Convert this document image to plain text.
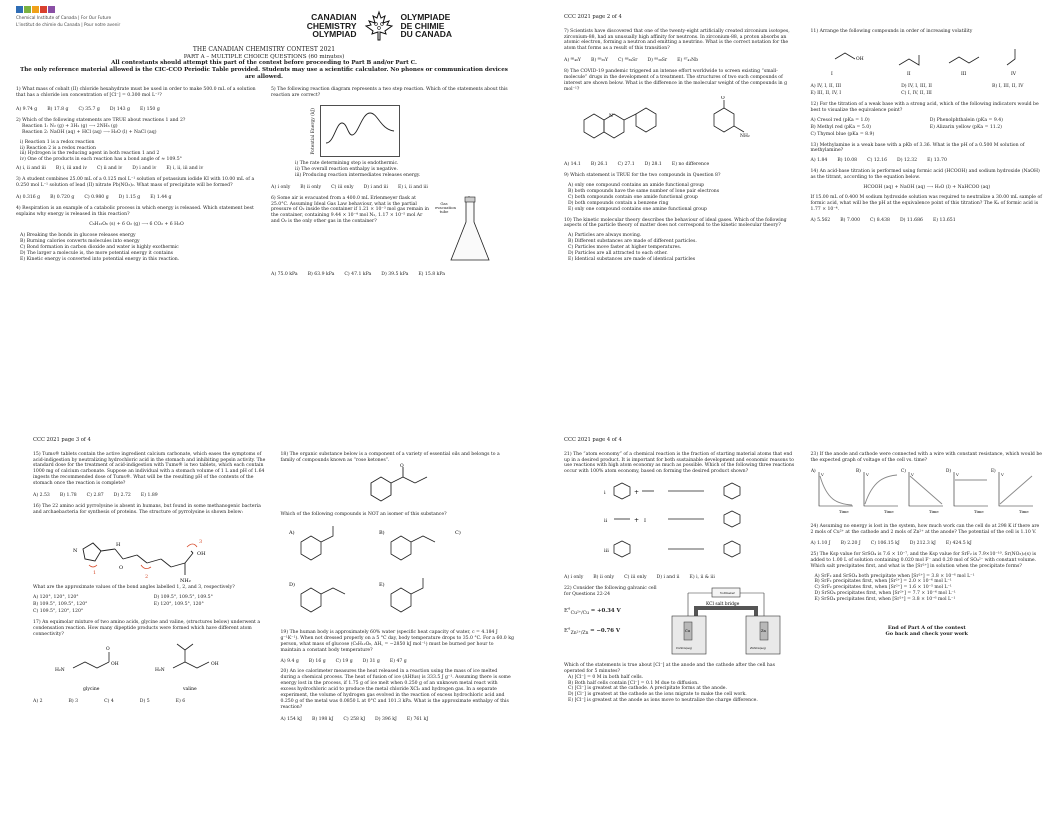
Chemical Institute of Canada | For Our Future
L'institut de chimie du Canada | Pour notre avenir
CANADIAN
CHEMISTRY
OLYMPIAD
OLYMPIADE
DE CHIMIE
DU CANADA
THE CANADIAN CHEMISTRY CONTEST 2021
PART A – MULTIPLE CHOICE QUESTIONS (60 minutes)
All contestants should attempt this part of the contest before proceeding to Part B and/or Part C.
The only reference material allowed is the CIC-CCO Periodic Table provided. Students may use a scientific calculator. No phones or communication devices are allowed.
1) What mass of cobalt (II) chloride hexahydrate must be used in order to make 500.0 mL of a solution that has a chloride ion concentration of [Cl⁻] = 0.300 mol L⁻¹?
A) 9.74 g B) 17.8 g C) 35.7 g D) 143 g E) 150 g
2) Which of the following statements are TRUE about reactions 1 and 2?
Reaction 1: N₂ (g) + 3H₂ (g) ⟶ 2NH₃ (g)
Reaction 2: NaOH (aq) + HCl (aq) ⟶ H₂O (l) + NaCl (aq)
i) Reaction 1 is a redox reaction
ii) Reaction 2 is a redox reaction
iii) Hydrogen is the reducing agent in both reaction 1 and 2
iv) One of the products in each reaction has a bond angle of ≈ 109.5°
A) i, ii and iii B) i, iii and iv C) ii and iv D) i and iv E) i, ii, iii and iv
3) A student combines 25.00 mL of a 0.125 mol L⁻¹ solution of potassium iodide KI with 10.00 mL of a 0.250 mol L⁻¹ solution of lead (II) nitrate Pb(NO₃)₂. What mass of precipitate will be formed?
A) 0.316 g B) 0.720 g C) 0.980 g D) 1.15 g E) 1.44 g
4) Respiration is an example of a catabolic process in which energy is released. Which statement best explains why energy is released in this reaction?
C₆H₁₂O₆ (s) + 6 O₂ (g) ⟶ 6 CO₂ + 6 H₂O
A) Breaking the bonds in glucose releases energy
B) Burning calories converts molecules into energy
C) Bond formation in carbon dioxide and water is highly exothermic
D) The larger a molecule is, the more potential energy it contains
E) Kinetic energy is converted into potential energy in this reaction.
5) The following reaction diagram represents a two step reaction. Which of the statements about this reaction are correct?
Potential Energy (kJ)
i) The rate determining step is endothermic.
ii) The overall reaction enthalpy is negative.
iii) Producing reaction intermediates releases energy.
A) i only B) ii only C) iii only D) i and iii E) i, ii and iii
6) Some air is evacuated from a 400.0 mL Erlenmeyer flask at 25.0°C. Assuming Ideal Gas Law behaviour, what is the partial pressure of O₂ inside the container if 1.21 × 10⁻³ mol gas remain in the container, containing 9.44 × 10⁻⁴ mol N₂, 1.17 × 10⁻⁵ mol Ar and O₂ is the only other gas in the container?
Gas evacuation tube
A) 75.0 kPa B) 63.9 kPa C) 47.1 kPa D) 39.5 kPa E) 15.8 kPa
CCC 2021 page 2 of 4
7) Scientists have discovered that one of the twenty-eight artificially created zirconium isotopes, zirconium-88, had an unusually high affinity for neutrons. In zirconium-88, a proton absorbs an atomic electron, forming a neutron and emitting a neutrino. What is the correct notation for the atom that forms as a result of this transition?
A) ⁸⁸₄₀Y B) ⁸⁹₃₉Y C) ⁸⁸₃₉Sr D) ⁸⁸₃₈Sr E) ⁸⁷₄₁Nb
8) The COVID-19 pandemic triggered an intense effort worldwide to screen existing “small-molecule” drugs in the development of a treatment. The structures of two such compounds of interest are shown below. What is the difference in the molecular weight of the compounds in g mol⁻¹?
N
NH₂
O
A) 14.1 B) 26.1 C) 27.1 D) 28.1 E) no difference
9) Which statement is TRUE for the two compounds in Question 8?
A) only one compound contains an amide functional group
B) both compounds have the same number of lone pair electrons
C) both compounds contain one amide functional group
D) both compounds contain a benzene ring
E) only one compound contains one amine functional group
10) The kinetic molecular theory describes the behaviour of ideal gases. Which of the following aspects of the particle theory of matter does not correspond to the kinetic molecular theory?
A) Particles are always moving.
B) Different substances are made of different particles.
C) Particles move faster at higher temperatures.
D) Particles are all attracted to each other.
E) Identical substances are made of identical particles
11) Arrange the following compounds in order of increasing volatility
OH
I	II	III	IV
A) IV, I, II, III	D) IV, I, III, II	B) I, III, II, IV
E) III, II, IV, I	C) I, IV, II, III
12) For the titration of a weak base with a strong acid, which of the following indicators would be best to visualize the equivalence point?
A) Cresol red (pKa = 1.0)	D) Phenolphthalein (pKa = 9.4)
B) Methyl red (pKa = 5.0)	E) Alizarin yellow (pKa = 11.2)
C) Thymol blue (pKa = 8.9)
13) Methylamine is a weak base with a pKb of 3.36. What is the pH of a 0.500 M solution of methylamine?
A) 1.84 B) 10.08 C) 12.16 D) 12.32 E) 13.70
14) An acid-base titration is performed using formic acid (HCOOH) and sodium hydroxide (NaOH) as the titrant, according to the equation below.
HCOOH (aq) + NaOH (aq) ⟶ H₂O (l) + NaHCOO (aq)
If 15.00 mL of 0.400 M sodium hydroxide solution was required to neutralize a 30.00 mL sample of formic acid, what will be the pH at the equivalence point of this titration? The Kₐ of formic acid is 1.77 × 10⁻⁴.
A) 5.562 B) 7.000 C) 8.438 D) 11.686 E) 13.651
CCC 2021 page 3 of 4
15) Tums® tablets contain the active ingredient calcium carbonate, which eases the symptoms of acid-indigestion by neutralizing hydrochloric acid in the stomach and inhibiting pepsin activity. The standard dose for the treatment of acid-indigestion with Tums® is two tablets, which each contain 1000 mg of calcium carbonate. Suppose an individual with a stomach volume of 1 L and pH of 1.64 ingests the recommended dose of Tums®. What will be the resulting pH of the contents of the stomach once the reaction is complete?
A) 2.53 B) 1.78 C) 2.87 D) 2.72 E) 1.89
16) The 22 amino acid pyrrolysine is absent in humans, but found in some methanogenic bacteria and archaebacteria for synthesis of proteins. The structure of pyrrolysine is shown below:
N
H
O
OH
NH₂
1
2
3
What are the approximate values of the bond angles labelled 1, 2, and 3, respectively?
A) 120°, 120°, 120°	D) 109.5°, 109.5°, 109.5°
B) 109.5°, 109.5°, 120°	E) 120°, 109.5°, 120°
C) 109.5°, 120°, 120°
17) An equimolar mixture of two amino acids, glycine and valine, (structures below) underwent a condensation reaction. How many dipeptide products were formed which have different atom connectivity?
H₂N
OH
O
H₂N
OH
glycine	valine
A) 2	B) 3	C) 4	D) 5	E) 6
18) The organic substance below is a component of a variety of essential oils and belongs to a family of compounds known as “rose ketones”.
O
Which of the following compounds is NOT an isomer of this substance?
A)	B)	C)
D)	E)
19) The human body is approximately 60% water (specific heat capacity of water, c = 4.184 J g⁻¹K⁻¹). When not dressed properly on a 5 °C day, body temperature drops to 35.0 °C. For a 60.0 kg person, what mass of glucose (C₆H₁₂O₆, ΔH꜀ = −2850 kJ mol⁻¹) must be burned per hour to maintain a constant body temperature?
A) 9.4 g B) 16 g C) 19 g D) 31 g E) 47 g
20) An ice calorimeter measures the heat released in a reaction using the mass of ice melted during a chemical process. The heat of fusion of ice (ΔHfus) is 333.5 J g⁻¹. Assuming there is some energy lost in the process, if 1.75 g of ice melt when 0.250 g of an unknown metal react with excess hydrochloric acid to produce the metal chloride XCl₂ and hydrogen gas. In a separate experiment, the volume of hydrogen gas evolved in the reaction of excess hydrochloric acid and 0.250 g of the metal was 0.0850 L at 0°C and 101.3 kPa. What is the approximate enthalpy of this reaction?
A) 154 kJ B) 198 kJ C) 258 kJ D) 396 kJ E) 761 kJ
CCC 2021 page 4 of 4
21) The “atom economy” of a chemical reaction is the fraction of starting material atoms that end up in a desired product. It is important for both sustainable development and economic reasons to use reactions with high atom economy as much as possible. Which of the following three reactions occur with 100% atom economy, based on forming the desired product shown?
i
ii
iii
+
+ I
A) i only B) ii only C) iii only D) i and ii E) i, ii & iii
22) Consider the following galvanic cell for Questions 22-24
$E^\circ_{Cu^{2+}/Cu} = +0.34$ V
$E^\circ_{Zn^{2+}/Zn} = -0.76$ V
Voltmeter
KCl salt bridge
Cu	Zn
CuSO₄(aq)	ZnSO₄(aq)
Which of the statements is true about [Cl⁻] at the anode and the cathode after the cell has operated for 5 minutes?
A) [Cl⁻] = 0 M in both half cells.
B) Both half cells contain [Cl⁻] = 0.1 M due to diffusion.
C) [Cl⁻] is greatest at the cathode. A precipitate forms at the anode.
D) [Cl⁻] is greatest at the cathode as the ions migrate to make the cell work.
E) [Cl⁻] is greatest at the anode as ions move to neutralize the charge difference.
23) If the anode and cathode were connected with a wire with constant resistance, which would be the expected graph of voltage of the cell vs. time?
A)	B)	C)	D)	E)
V	V	V	V	V
Time	Time	Time	Time	Time
24) Assuming no energy is lost in the system, how much work can the cell do at 298 K if there are 2 mols of Cu²⁺ at the cathode and 2 mols of Zn²⁺ at the anode? The potential of the cell is 1.10 V.
A) 1.10 J B) 2.20 J C) 106.15 kJ D) 212.3 kJ E) 424.5 kJ
25) The Ksp value for SrSO₄ is 7.6 × 10⁻⁷, and the Ksp value for SrF₂ is 7.9×10⁻¹⁰. Sr(NO₃)₂(s) is added to 1.00 L of solution containing 0.020 mol F⁻ and 0.20 mol of SO₄²⁻ with constant volume. Which salt precipitates first, and what is the [Sr²⁺] in solution when the precipitate forms?
A) SrF₂ and SrSO₄ both precipitate when [Sr²⁺] = 3.8 × 10⁻⁶ mol L⁻¹
B) SrF₂ precipitates first, when [Sr²⁺] = 2.0 × 10⁻⁶ mol L⁻¹
C) SrF₂ precipitates first, when [Sr²⁺] = 1.6 × 10⁻⁵ mol L⁻¹
D) SrSO₄ precipitates first, when [Sr²⁺] = 7.7 × 10⁻⁶ mol L⁻¹
E) SrSO₄ precipitates first, when [Sr²⁺] = 3.8 × 10⁻⁶ mol L⁻¹
End of Part A of the contest
Go back and check your work
